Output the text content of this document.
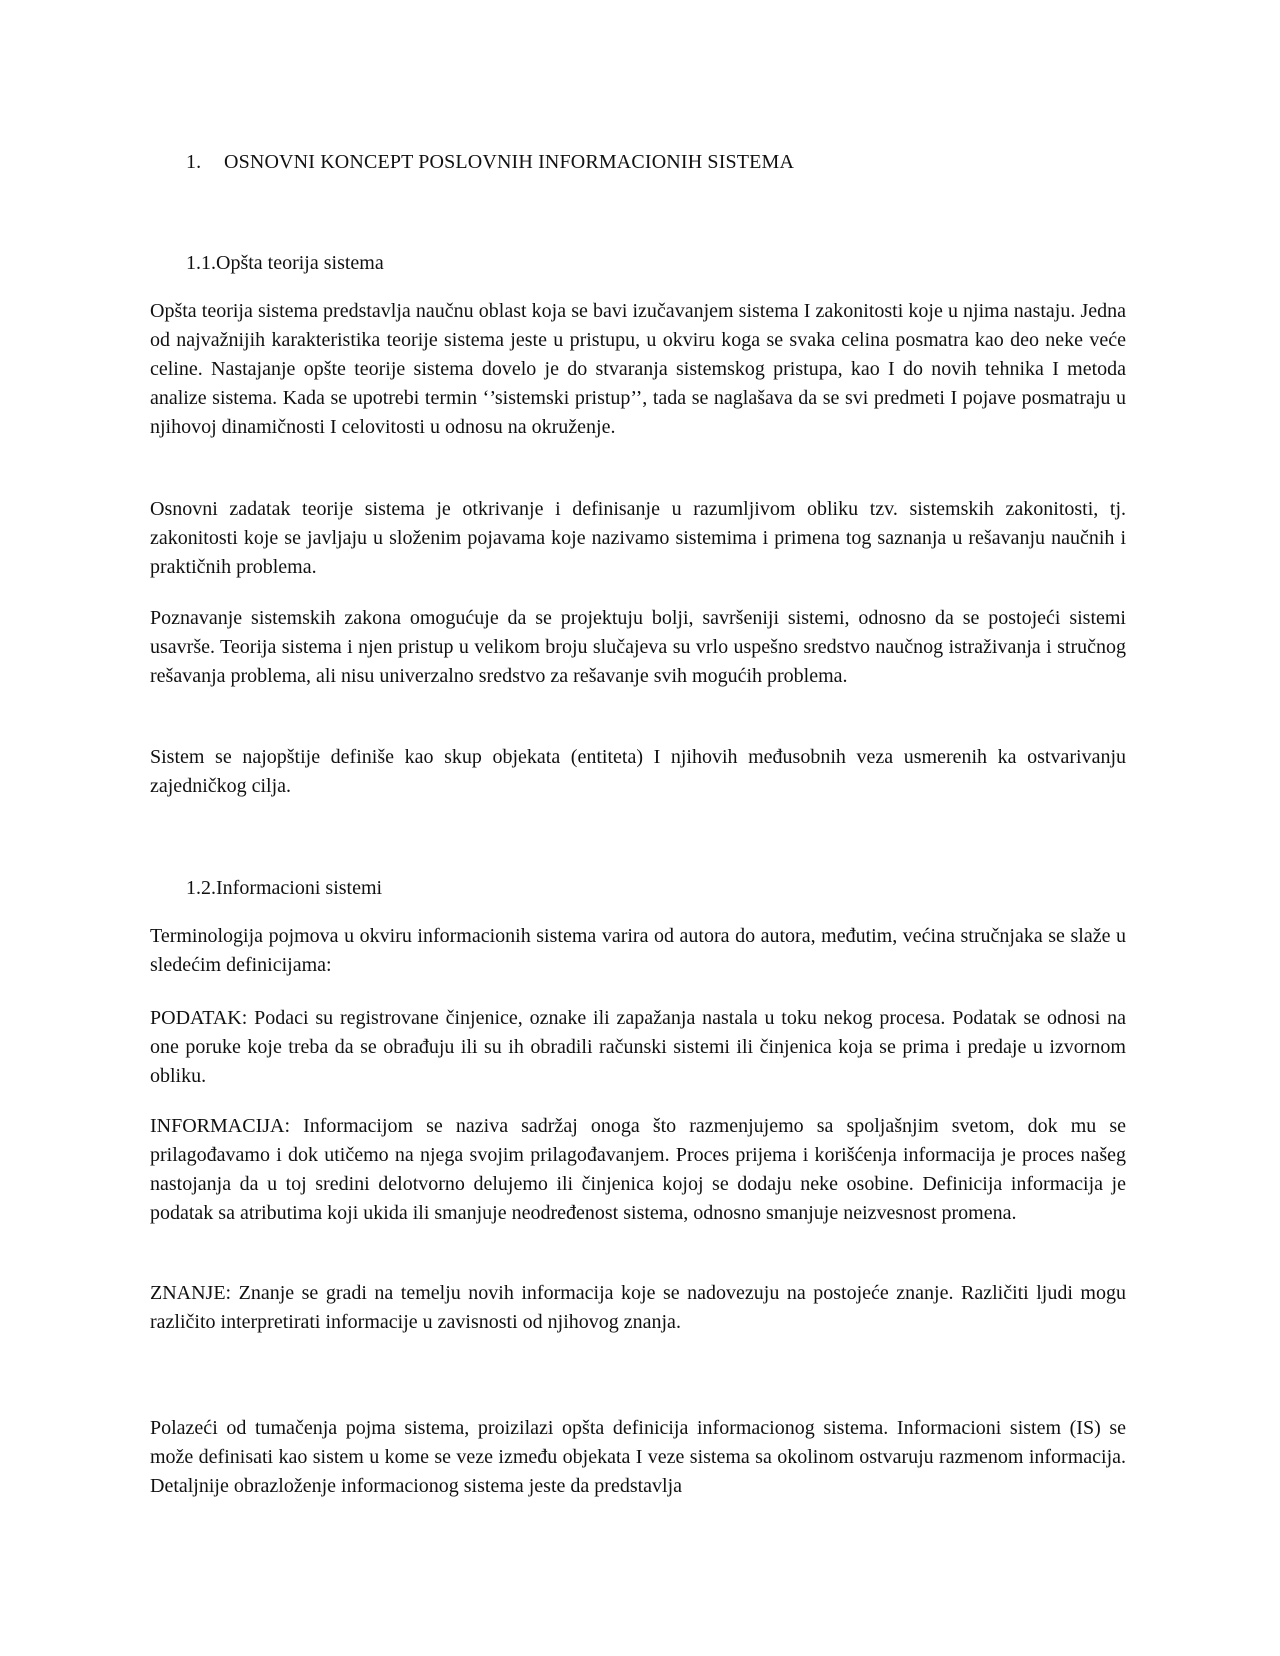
1. OSNOVNI KONCEPT POSLOVNIH INFORMACIONIH SISTEMA
1.1.Opšta teorija sistema

Opšta teorija sistema predstavlja naučnu oblast koja se bavi izučavanjem sistema I zakonitosti koje u njima nastaju. Jedna od najvažnijih karakteristika teorije sistema jeste u pristupu, u okviru koga se svaka celina posmatra kao deo neke veće celine. Nastajanje opšte teorije sistema dovelo je do stvaranja sistemskog pristupa, kao I do novih tehnika I metoda analize sistema. Kada se upotrebi termin ‘’sistemski pristup’’, tada se naglašava da se svi predmeti I pojave posmatraju u njihovoj dinamičnosti I celovitosti u odnosu na okruženje.

Osnovni zadatak teorije sistema je otkrivanje i definisanje u razumljivom obliku tzv. sistemskih zakonitosti, tj. zakonitosti koje se javljaju u složenim pojavama koje nazivamo sistemima i primena tog saznanja u rešavanju naučnih i praktičnih problema.

Poznavanje sistemskih zakona omogućuje da se projektuju bolji, savršeniji sistemi, odnosno da se postojeći sistemi usavrše. Teorija sistema i njen pristup u velikom broju slučajeva su vrlo uspešno sredstvo naučnog istraživanja i stručnog rešavanja problema, ali nisu univerzalno sredstvo za rešavanje svih mogućih problema.

Sistem se najopštije definiše kao skup objekata (entiteta) I njihovih međusobnih veza usmerenih ka ostvarivanju zajedničkog cilja.

1.2.Informacioni sistemi

Terminologija pojmova u okviru informacionih sistema varira od autora do autora, međutim, većina stručnjaka se slaže u sledećim definicijama:

PODATAK: Podaci su registrovane činjenice, oznake ili zapažanja nastala u toku nekog procesa. Podatak se odnosi na one poruke koje treba da se obrađuju ili su ih obradili računski sistemi ili činjenica koja se prima i predaje u izvornom obliku.

INFORMACIJA: Informacijom se naziva sadržaj onoga što razmenjujemo sa spoljašnjim svetom, dok mu se prilagođavamo i dok utičemo na njega svojim prilagođavanjem. Proces prijema i korišćenja informacija je proces našeg nastojanja da u toj sredini delotvorno delujemo ili činjenica kojoj se dodaju neke osobine. Definicija informacija je podatak sa atributima koji ukida ili smanjuje neodređenost sistema, odnosno smanjuje neizvesnost promena.

ZNANJE: Znanje se gradi na temelju novih informacija koje se nadovezuju na postojeće znanje. Različiti ljudi mogu različito interpretirati informacije u zavisnosti od njihovog znanja.

Polazeći od tumačenja pojma sistema, proizilazi opšta definicija informacionog sistema. Informacioni sistem (IS) se može definisati kao sistem u kome se veze između objekata I veze sistema sa okolinom ostvaruju razmenom informacija. Detaljnije obrazloženje informacionog sistema jeste da predstavlja
